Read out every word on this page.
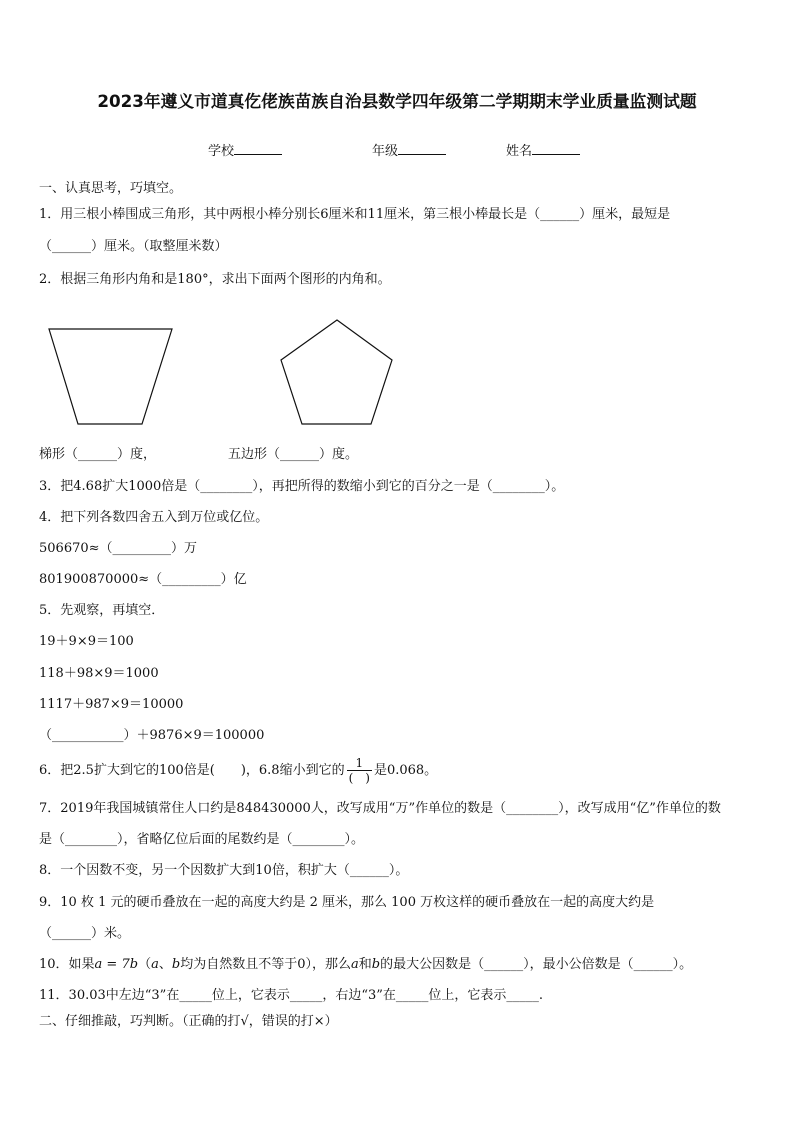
2023年遵义市道真仡佬族苗族自治县数学四年级第二学期期末学业质量监测试题
学校	年级	姓名
一、认真思考，巧填空。
1．用三根小棒围成三角形，其中两根小棒分别长6厘米和11厘米，第三根小棒最长是（______）厘米，最短是
（______）厘米。（取整厘米数）
2．根据三角形内角和是180°，求出下面两个图形的内角和。
梯形（______）度，	五边形（______）度。
3．把4.68扩大1000倍是（________），再把所得的数缩小到它的百分之一是（________）。
4．把下列各数四舍五入到万位或亿位。
506670≈（_________）万
801900870000≈（_________）亿
5．先观察，再填空．
19＋9×9＝100
118＋98×9＝1000
1117＋987×9＝10000
（___________）＋9876×9＝100000
6．把2.5扩大到它的100倍是(　　)，6.8缩小到它的 $\frac{1}{( )}$ 是0.068。
7．2019年我国城镇常住人口约是848430000人，改写成用“万”作单位的数是（________），改写成用“亿”作单位的数
是（________），省略亿位后面的尾数约是（________）。
8．一个因数不变，另一个因数扩大到10倍，积扩大（______）。
9．10 枚 1 元的硬币叠放在一起的高度大约是 2 厘米，那么 100 万枚这样的硬币叠放在一起的高度大约是
（______）米。
10．如果a = 7b（a、b均为自然数且不等于0），那么a和b的最大公因数是（______），最小公倍数是（______）。
11．30.03中左边“3”在_____位上，它表示_____，右边“3”在_____位上，它表示_____.
二、仔细推敲，巧判断。（正确的打√，错误的打×）
